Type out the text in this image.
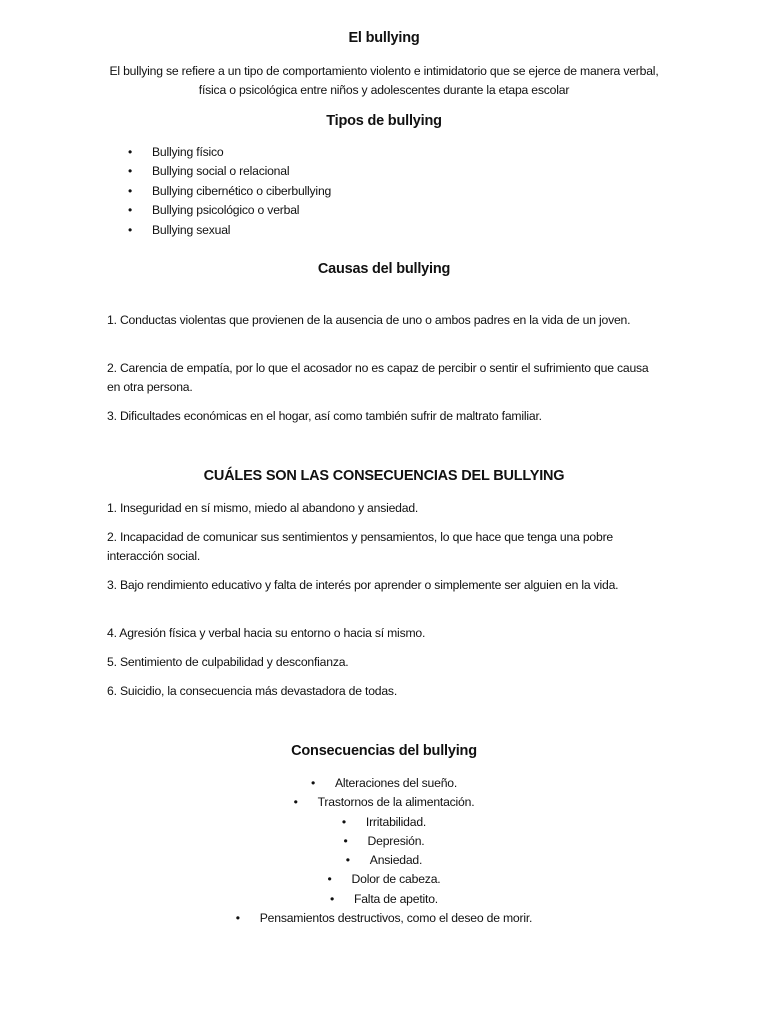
El bullying
El bullying se refiere a un tipo de comportamiento violento e intimidatorio que se ejerce de manera verbal, física o psicológica entre niños y adolescentes durante la etapa escolar
Tipos de bullying
• Bullying físico
• Bullying social o relacional
• Bullying cibernético o ciberbullying
• Bullying psicológico o verbal
• Bullying sexual
Causas del bullying

1. Conductas violentas que provienen de la ausencia de uno o ambos padres en la vida de un joven.

2. Carencia de empatía, por lo que el acosador no es capaz de percibir o sentir el sufrimiento que causa en otra persona.

3. Dificultades económicas en el hogar, así como también sufrir de maltrato familiar.

CUÁLES SON LAS CONSECUENCIAS DEL BULLYING

1. Inseguridad en sí mismo, miedo al abandono y ansiedad.

2. Incapacidad de comunicar sus sentimientos y pensamientos, lo que hace que tenga una pobre interacción social.

3. Bajo rendimiento educativo y falta de interés por aprender o simplemente ser alguien en la vida.

4. Agresión física y verbal hacia su entorno o hacia sí mismo.

5. Sentimiento de culpabilidad y desconfianza.

6. Suicidio, la consecuencia más devastadora de todas.

Consecuencias del bullying
• Alteraciones del sueño.
• Trastornos de la alimentación.
• Irritabilidad.
• Depresión.
• Ansiedad.
• Dolor de cabeza.
• Falta de apetito.
• Pensamientos destructivos, como el deseo de morir.
